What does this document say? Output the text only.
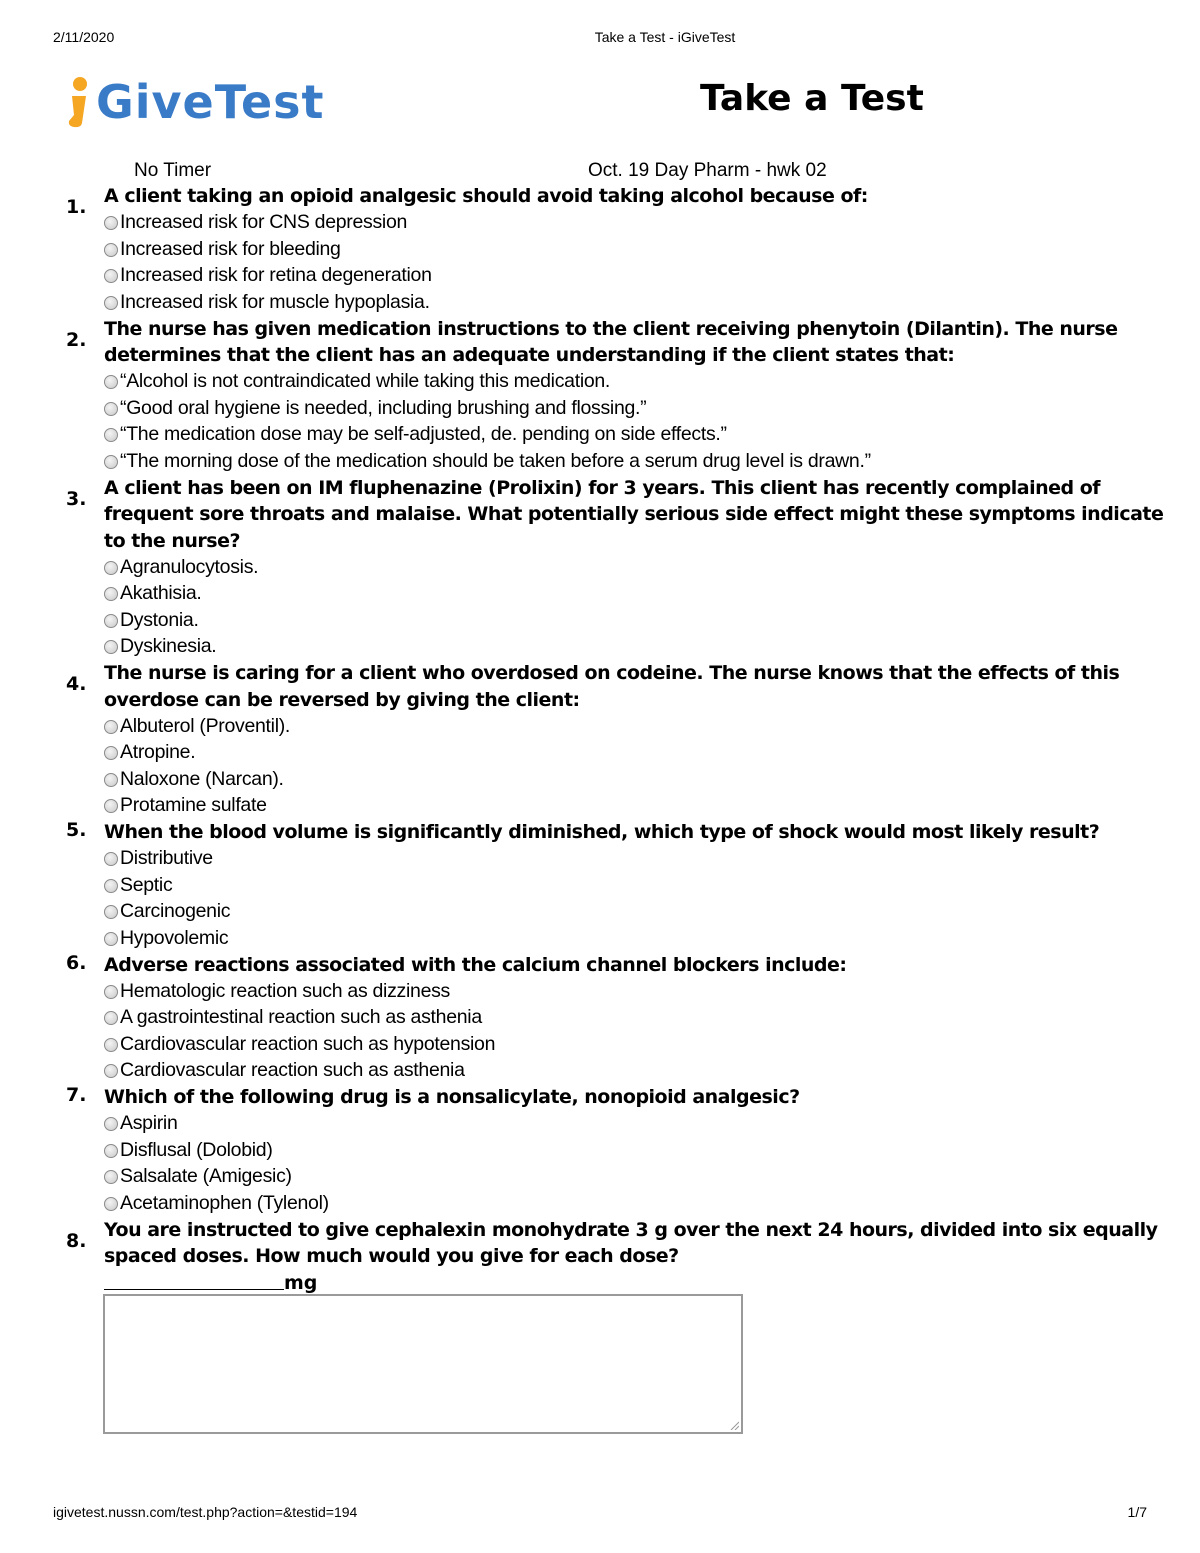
2/11/2020	Take a Test - iGiveTest
GiveTest	Take a Test
No Timer	Oct. 19 Day Pharm - hwk 02
1. A client taking an opioid analgesic should avoid taking alcohol because of:
Increased risk for CNS depression
Increased risk for bleeding
Increased risk for retina degeneration
Increased risk for muscle hypoplasia.
2. The nurse has given medication instructions to the client receiving phenytoin (Dilantin). The nurse determines that the client has an adequate understanding if the client states that:
“Alcohol is not contraindicated while taking this medication.
“Good oral hygiene is needed, including brushing and flossing.”
“The medication dose may be self-adjusted, de. pending on side effects.”
“The morning dose of the medication should be taken before a serum drug level is drawn.”
3. A client has been on IM fluphenazine (Prolixin) for 3 years. This client has recently complained of frequent sore throats and malaise. What potentially serious side effect might these symptoms indicate to the nurse?
Agranulocytosis.
Akathisia.
Dystonia.
Dyskinesia.
4. The nurse is caring for a client who overdosed on codeine. The nurse knows that the effects of this overdose can be reversed by giving the client:
Albuterol (Proventil).
Atropine.
Naloxone (Narcan).
Protamine sulfate
5. When the blood volume is significantly diminished, which type of shock would most likely result?
Distributive
Septic
Carcinogenic
Hypovolemic
6. Adverse reactions associated with the calcium channel blockers include:
Hematologic reaction such as dizziness
A gastrointestinal reaction such as asthenia
Cardiovascular reaction such as hypotension
Cardiovascular reaction such as asthenia
7. Which of the following drug is a nonsalicylate, nonopioid analgesic?
Aspirin
Disflusal (Dolobid)
Salsalate (Amigesic)
Acetaminophen (Tylenol)
8. You are instructed to give cephalexin monohydrate 3 g over the next 24 hours, divided into six equally spaced doses. How much would you give for each dose?
mg
igivetest.nussn.com/test.php?action=&testid=194	1/7
